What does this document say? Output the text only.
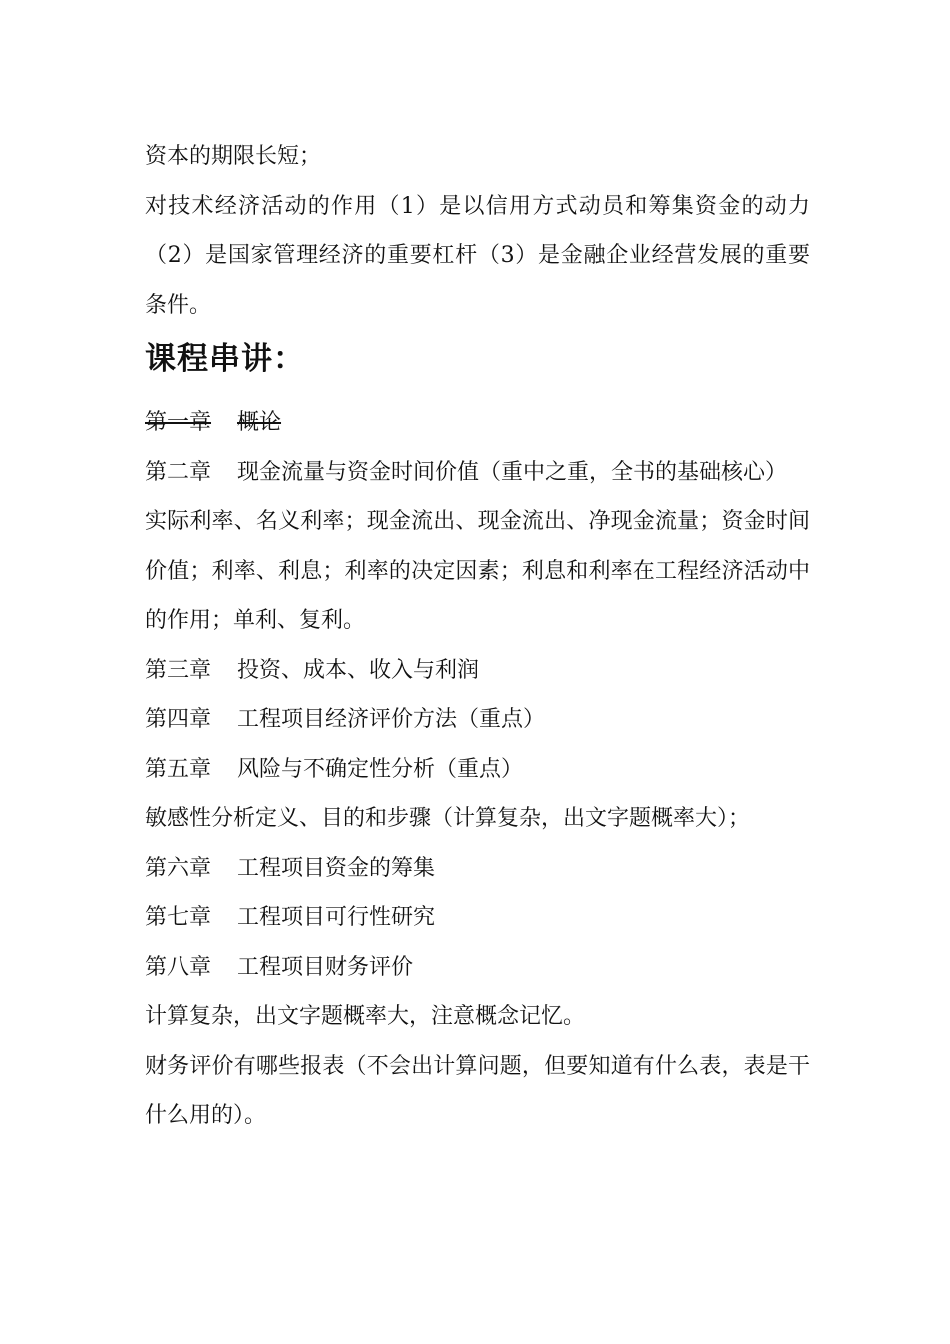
资本的期限长短；

对技术经济活动的作用（1）是以信用方式动员和筹集资金的动力（2）是国家管理经济的重要杠杆（3）是金融企业经营发展的重要条件。

课程串讲：

第一章 概论

第二章 现金流量与资金时间价值（重中之重，全书的基础核心）

实际利率、名义利率；现金流出、现金流出、净现金流量；资金时间价值；利率、利息；利率的决定因素；利息和利率在工程经济活动中的作用；单利、复利。

第三章 投资、成本、收入与利润

第四章 工程项目经济评价方法（重点）

第五章 风险与不确定性分析（重点）

敏感性分析定义、目的和步骤（计算复杂，出文字题概率大）；

第六章 工程项目资金的筹集

第七章 工程项目可行性研究

第八章 工程项目财务评价

计算复杂，出文字题概率大，注意概念记忆。

财务评价有哪些报表（不会出计算问题，但要知道有什么表，表是干什么用的）。
